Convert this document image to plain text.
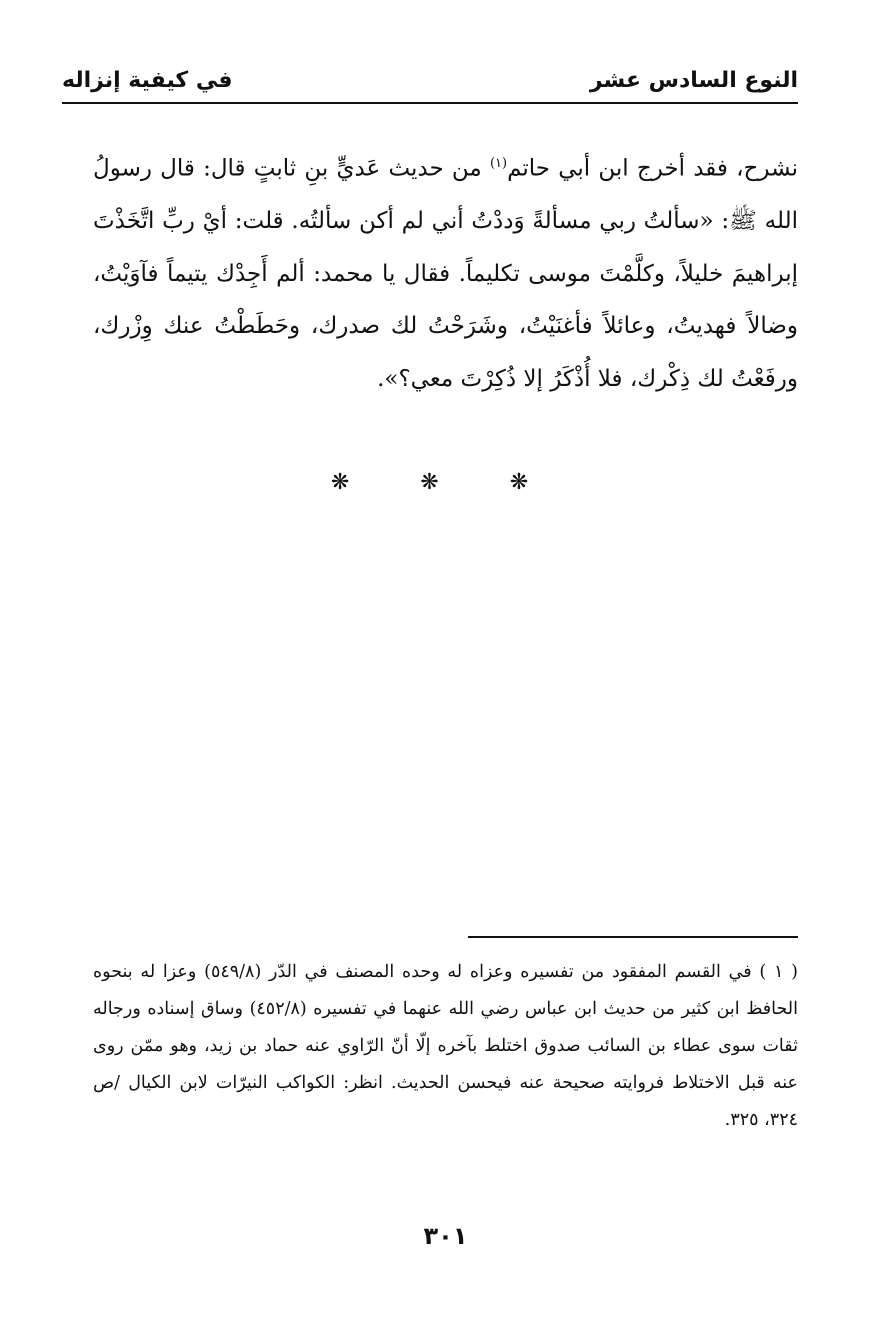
النوع السادس عشر
في كيفية إنزاله

نشرح، فقد أخرج ابن أبي حاتم$^{(١)}$ من حديث عَديٍّ بنِ ثابتٍ قال: قال رسولُ الله ﷺ: «سألتُ ربي مسألةً وَددْتُ أني لم أكن سألتُه. قلت: أيْ ربِّ اتَّخَذْتَ إبراهيمَ خليلاً، وكلَّمْتَ موسى تكليماً. فقال يا محمد: ألم أَجِدْك يتيماً فآوَيْتُ، وضالاً فهديتُ، وعائلاً فأغنَيْتُ، وشَرَحْتُ لك صدرك، وحَطَطْتُ عنك وِزْرك، ورفَعْتُ لك ذِكْرك، فلا أُذْكَرُ إلا ذُكِرْتَ معي؟».

❋ ❋ ❋

( ١ ) في القسم المفقود من تفسيره وعزاه له وحده المصنف في الدّر (٥٤٩/٨) وعزا له بنحوه الحافظ ابن كثير من حديث ابن عباس رضي الله عنهما في تفسيره (٤٥٢/٨) وساق إسناده ورجاله ثقات سوى عطاء بن السائب صدوق اختلط بآخره إلّا أنّ الرّاوي عنه حماد بن زيد، وهو ممّن روى عنه قبل الاختلاط فروايته صحيحة عنه فيحسن الحديث. انظر: الكواكب النيرّات لابن الكيال /ص ٣٢٤، ٣٢٥.

٣٠١
